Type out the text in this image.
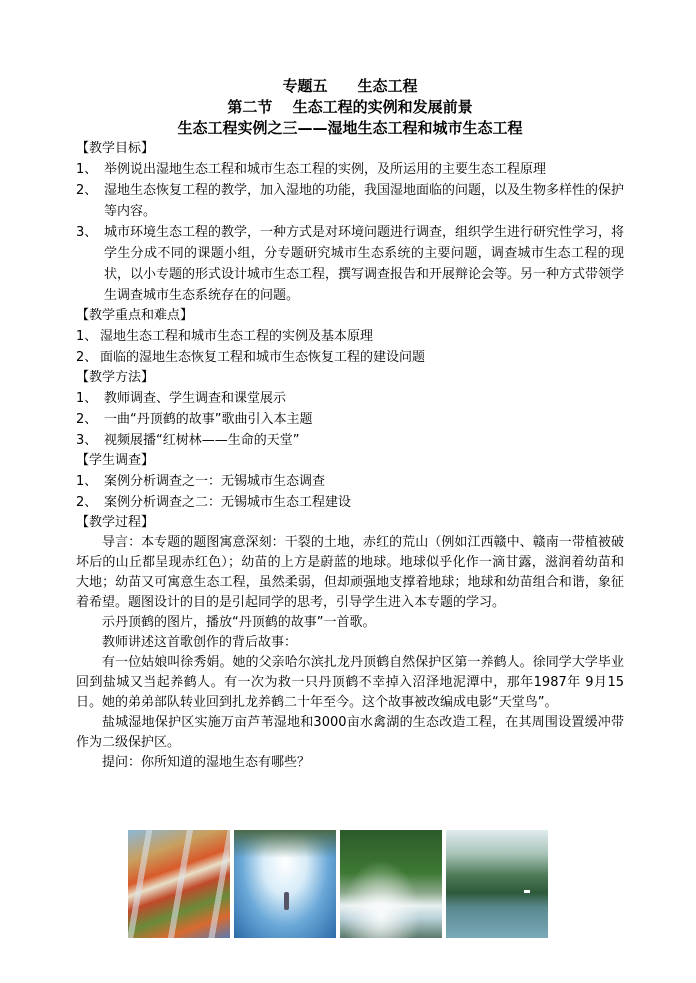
专题五　　生态工程

第二节　 生态工程的实例和发展前景

生态工程实例之三——湿地生态工程和城市生态工程

【教学目标】

1、 举例说出湿地生态工程和城市生态工程的实例，及所运用的主要生态工程原理
2、 湿地生态恢复工程的教学，加入湿地的功能，我国湿地面临的问题，以及生物多样性的保护等内容。
3、 城市环境生态工程的教学，一种方式是对环境问题进行调查，组织学生进行研究性学习，将学生分成不同的课题小组，分专题研究城市生态系统的主要问题，调查城市生态工程的现状，以小专题的形式设计城市生态工程，撰写调查报告和开展辩论会等。另一种方式带领学生调查城市生态系统存在的问题。

【教学重点和难点】

1、 湿地生态工程和城市生态工程的实例及基本原理
2、 面临的湿地生态恢复工程和城市生态恢复工程的建设问题

【教学方法】

1、 教师调查、学生调查和课堂展示
2、 一曲“丹顶鹤的故事”歌曲引入本主题
3、 视频展播“红树林——生命的天堂”

【学生调查】

1、 案例分析调查之一：无锡城市生态调查
2、 案例分析调查之二：无锡城市生态工程建设

【教学过程】

导言：本专题的题图寓意深刻：干裂的土地，赤红的荒山（例如江西赣中、赣南一带植被破坏后的山丘都呈现赤红色）；幼苗的上方是蔚蓝的地球。地球似乎化作一滴甘露，滋润着幼苗和大地；幼苗又可寓意生态工程，虽然柔弱，但却顽强地支撑着地球；地球和幼苗组合和谐，象征着希望。题图设计的目的是引起同学的思考，引导学生进入本专题的学习。

示丹顶鹤的图片，播放“丹顶鹤的故事”一首歌。

教师讲述这首歌创作的背后故事：

有一位姑娘叫徐秀娟。她的父亲哈尔滨扎龙丹顶鹤自然保护区第一养鹤人。徐同学大学毕业回到盐城又当起养鹤人。有一次为救一只丹顶鹤不幸掉入沼泽地泥潭中，那年1987年 9月15日。她的弟弟部队转业回到扎龙养鹤二十年至今。这个故事被改编成电影“天堂鸟”。

盐城湿地保护区实施万亩芦苇湿地和3000亩水禽湖的生态改造工程，在其周围设置缓冲带作为二级保护区。

提问：你所知道的湿地生态有哪些？
